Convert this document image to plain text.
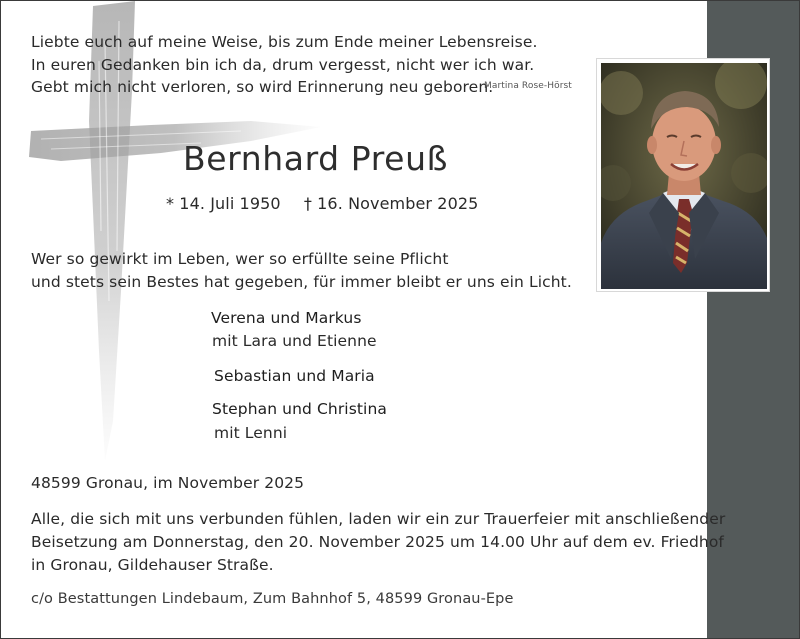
Liebte euch auf meine Weise, bis zum Ende meiner Lebensreise.
In euren Gedanken bin ich da, drum vergesst, nicht wer ich war.
Gebt mich nicht verloren, so wird Erinnerung neu geboren.
Martina Rose-Hörst
Bernhard Preuß
* 14. Juli 1950 † 16. November 2025
Wer so gewirkt im Leben, wer so erfüllte seine Pflicht
und stets sein Bestes hat gegeben, für immer bleibt er uns ein Licht.
Verena und Markus
mit Lara und Etienne
Sebastian und Maria
Stephan und Christina
mit Lenni
48599 Gronau, im November 2025
Alle, die sich mit uns verbunden fühlen, laden wir ein zur Trauerfeier mit anschließender
Beisetzung am Donnerstag, den 20. November 2025 um 14.00 Uhr auf dem ev. Friedhof
in Gronau, Gildehauser Straße.
c/o Bestattungen Lindebaum, Zum Bahnhof 5, 48599 Gronau-Epe
